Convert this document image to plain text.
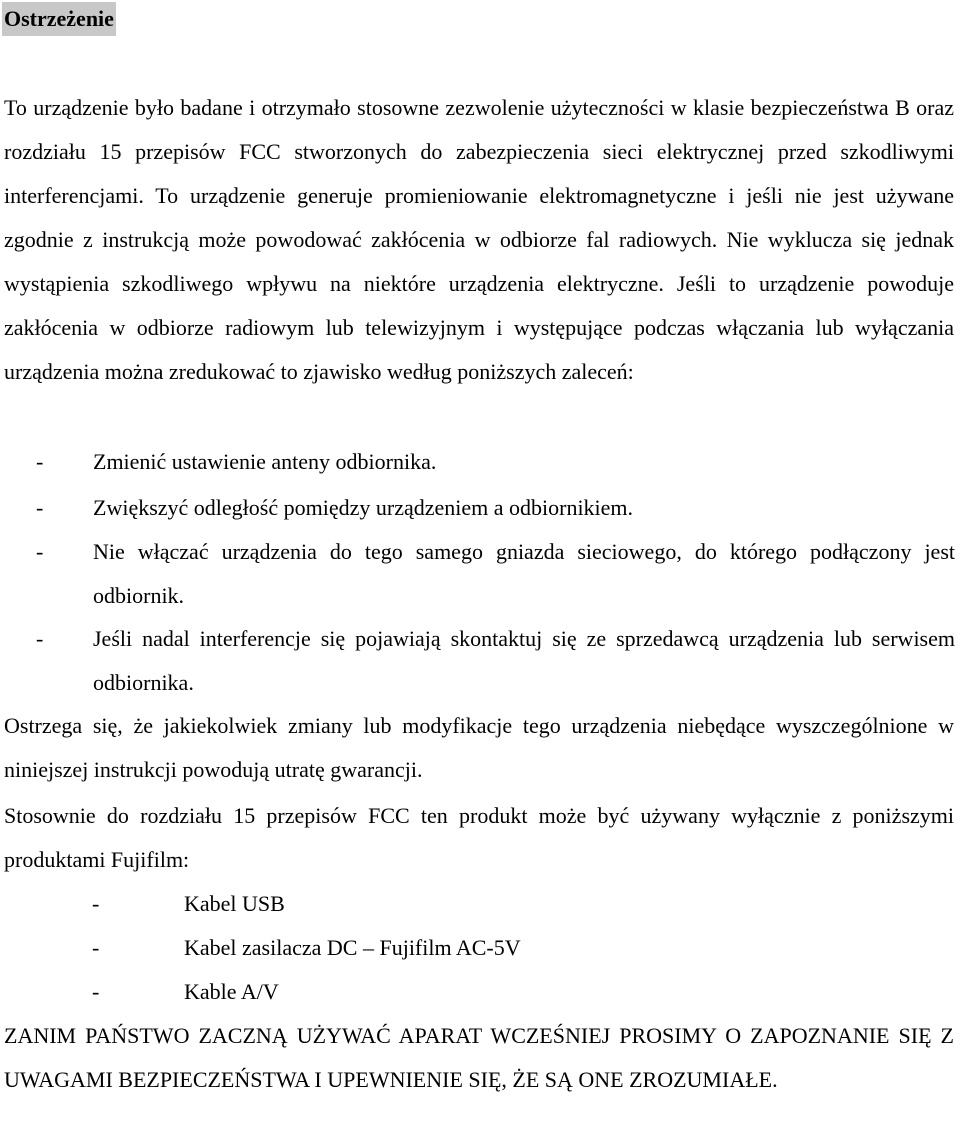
Ostrzeżenie

To urządzenie było badane i otrzymało stosowne zezwolenie użyteczności w klasie bezpieczeństwa B oraz rozdziału 15 przepisów FCC stworzonych do zabezpieczenia sieci elektrycznej przed szkodliwymi interferencjami. To urządzenie generuje promieniowanie elektromagnetyczne i jeśli nie jest używane zgodnie z instrukcją może powodować zakłócenia w odbiorze fal radiowych. Nie wyklucza się jednak wystąpienia szkodliwego wpływu na niektóre urządzenia elektryczne. Jeśli to urządzenie powoduje zakłócenia w odbiorze radiowym lub telewizyjnym i występujące podczas włączania lub wyłączania urządzenia można zredukować to zjawisko według poniższych zaleceń:

- Zmienić ustawienie anteny odbiornika.
- Zwiększyć odległość pomiędzy urządzeniem a odbiornikiem.
- Nie włączać urządzenia do tego samego gniazda sieciowego, do którego podłączony jest odbiornik.
- Jeśli nadal interferencje się pojawiają skontaktuj się ze sprzedawcą urządzenia lub serwisem odbiornika.

Ostrzega się, że jakiekolwiek zmiany lub modyfikacje tego urządzenia niebędące wyszczególnione w niniejszej instrukcji powodują utratę gwarancji.

Stosownie do rozdziału 15 przepisów FCC ten produkt może być używany wyłącznie z poniższymi produktami Fujifilm:

-	Kabel USB
-	Kabel zasilacza DC – Fujifilm AC-5V
-	Kable A/V

ZANIM PAŃSTWO ZACZNĄ UŻYWAĆ APARAT WCZEŚNIEJ PROSIMY O ZAPOZNANIE SIĘ Z UWAGAMI BEZPIECZEŃSTWA I UPEWNIENIE SIĘ, ŻE SĄ ONE ZROZUMIAŁE.
